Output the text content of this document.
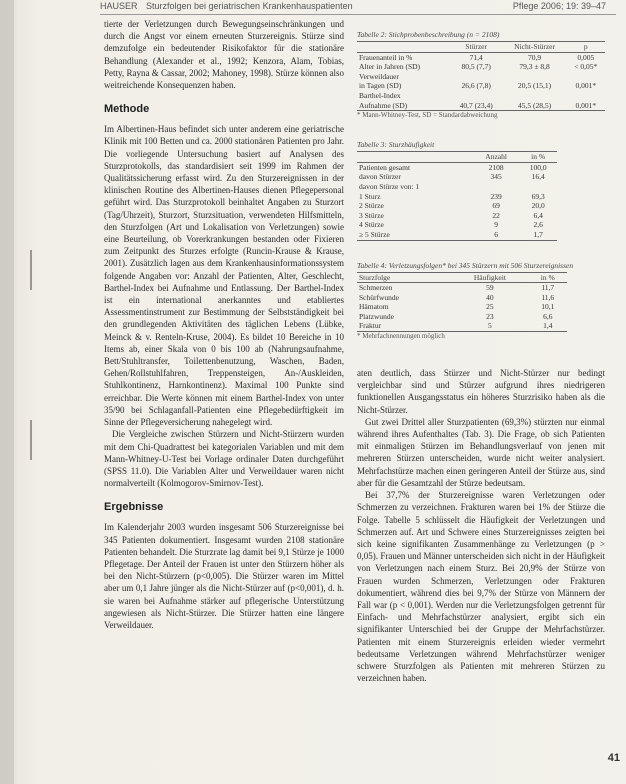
HAUSER Sturzfolgen bei geriatrischen Krankenhauspatienten	Pflege 2006; 19: 39–47

tierte der Verletzungen durch Bewegungseinschränkungen und durch die Angst vor einem erneuten Sturzereignis. Stürze sind demzufolge ein bedeutender Risikofaktor für die stationäre Behandlung (Alexander et al., 1992; Kenzora, Alam, Tobias, Petty, Rayna & Cassar, 2002; Mahoney, 1998). Stürze können also weitreichende Konsequenzen haben.

Methode

Im Albertinen-Haus befindet sich unter anderem eine geriatrische Klinik mit 100 Betten und ca. 2000 stationären Patienten pro Jahr. Die vorliegende Untersuchung basiert auf Analysen des Sturzprotokolls, das standardisiert seit 1999 im Rahmen der Qualitätssicherung erfasst wird. Zu den Sturzereignissen in der klinischen Routine des Albertinen-Hauses dienen Pflegepersonal geführt wird. Das Sturzprotokoll beinhaltet Angaben zu Sturzort (Tag/Uhrzeit), Sturzort, Sturzsituation, verwendeten Hilfsmitteln, den Sturzfolgen (Art und Lokalisation von Verletzungen) sowie eine Beurteilung, ob Vorerkrankungen bestanden oder Fixieren zum Zeitpunkt des Sturzes erfolgte (Runcin-Krause & Krause, 2001). Zusätzlich lagen aus dem Krankenhausinformationssystem folgende Angaben vor: Anzahl der Patienten, Alter, Geschlecht, Barthel-Index bei Aufnahme und Entlassung. Der Barthel-Index ist ein international anerkanntes und etabliertes Assessmentinstrument zur Bestimmung der Selbstständigkeit bei den grundlegenden Aktivitäten des täglichen Lebens (Lübke, Meinck & v. Renteln-Kruse, 2004). Es bildet 10 Bereiche in 10 Items ab, einer Skala von 0 bis 100 ab (Nahrungsaufnahme, Bett/Stuhltransfer, Toilettenbenutzung, Waschen, Baden, Gehen/Rollstuhlfahren, Treppensteigen, An-/Auskleiden, Stuhlkontinenz, Harnkontinenz). Maximal 100 Punkte sind erreichbar. Die Werte können mit einem Barthel-Index von unter 35/90 bei Schlaganfall-Patienten eine Pflegebedürftigkeit im Sinne der Pflegeversicherung nahegelegt wird.

Die Vergleiche zwischen Stürzern und Nicht-Stürzern wurden mit dem Chi-Quadrattest bei kategorialen Variablen und mit dem Mann-Whitney-U-Test bei Vorlage ordinaler Daten durchgeführt (SPSS 11.0). Die Variablen Alter und Verweildauer waren nicht normalverteilt (Kolmogorov-Smirnov-Test).

Ergebnisse

Im Kalenderjahr 2003 wurden insgesamt 506 Sturzereignisse bei 345 Patienten dokumentiert. Insgesamt wurden 2108 stationäre Patienten behandelt. Die Sturzrate lag damit bei 9,1 Stürze je 1000 Pflegetage. Der Anteil der Frauen ist unter den Stürzern höher als bei den Nicht-Stürzern (p<0,005). Die Stürzer waren im Mittel aber um 0,1 Jahre jünger als die Nicht-Stürzer auf (p<0,001), d. h. sie waren bei Aufnahme stärker auf pflegerische Unterstützung angewiesen als Nicht-Stürzer. Die Stürzer hatten eine längere Verweildauer.

Tabelle 2: Stichprobenbeschreibung (n = 2108)
	Stürzer	Nicht-Stürzer	p
Frauenanteil in %	71,4	70,9	0,005
Alter in Jahren (SD)	80,5 (7,7)	79,3 ± 8,8	< 0,05*
Verweildauer			
in Tagen (SD)	26,6 (7,8)	20,5 (15,1)	0,001*
Barthel-Index			
Aufnahme (SD)	40,7 (23,4)	45,5 (28,5)	0,001*
* Mann-Whitney-Test, SD = Standardabweichung
Tabelle 3: Sturzhäufigkeit
	Anzahl	in %
Patienten gesamt	2108	100,0
davon Stürzer	345	16,4

davon Stürze von: 1		
1 Sturz	239	69,3
2 Stürze	69	20,0
3 Stürze	22	6,4
4 Stürze	9	2,6
≥ 5 Stürze	6	1,7
Tabelle 4: Verletzungsfolgen* bei 345 Stürzern mit 506 Sturzereignissen
Sturzfolge	Häufigkeit	in %
Schmerzen	59	11,7
Schürfwunde	40	11,6
Hämatom	25	10,1
Platzwunde	23	6,6
Fraktur	5	1,4
* Mehrfachnennungen möglich

aten deutlich, dass Stürzer und Nicht-Stürzer nur bedingt vergleichbar sind und Stürzer aufgrund ihres niedrigeren funktionellen Ausgangsstatus ein höheres Sturzrisiko haben als die Nicht-Stürzer.

Gut zwei Drittel aller Sturzpatienten (69,3%) stürzten nur einmal während ihres Aufenthaltes (Tab. 3). Die Frage, ob sich Patienten mit einmaligen Stürzen im Behandlungsverlauf von jenen mit mehreren Stürzen unterscheiden, wurde nicht weiter analysiert. Mehrfachstürze machen einen geringeren Anteil der Stürze aus, sind aber für die Gesamtzahl der Stürze bedeutsam.

Bei 37,7% der Sturzereignisse waren Verletzungen oder Schmerzen zu verzeichnen. Frakturen waren bei 1% der Stürze die Folge. Tabelle 5 schlüsselt die Häufigkeit der Verletzungen und Schmerzen auf. Art und Schwere eines Sturzereignisses zeigten bei sich keine signifikanten Zusammenhänge zu Verletzungen (p > 0,05). Frauen und Männer unterscheiden sich nicht in der Häufigkeit von Verletzungen nach einem Sturz. Bei 20,9% der Stürze von Frauen wurden Schmerzen, Verletzungen oder Frakturen dokumentiert, während dies bei 9,7% der Stürze von Männern der Fall war (p < 0,001). Werden nur die Verletzungsfolgen getrennt für Einfach- und Mehrfachstürzer analysiert, ergibt sich ein signifikanter Unterschied bei der Gruppe der Mehrfachstürzer. Patienten mit einem Sturzereignis erleiden wieder vermehrt bedeutsame Verletzungen während Mehrfachstürzer weniger schwere Sturzfolgen als Patienten mit mehreren Stürzen zu verzeichnen haben.

41
